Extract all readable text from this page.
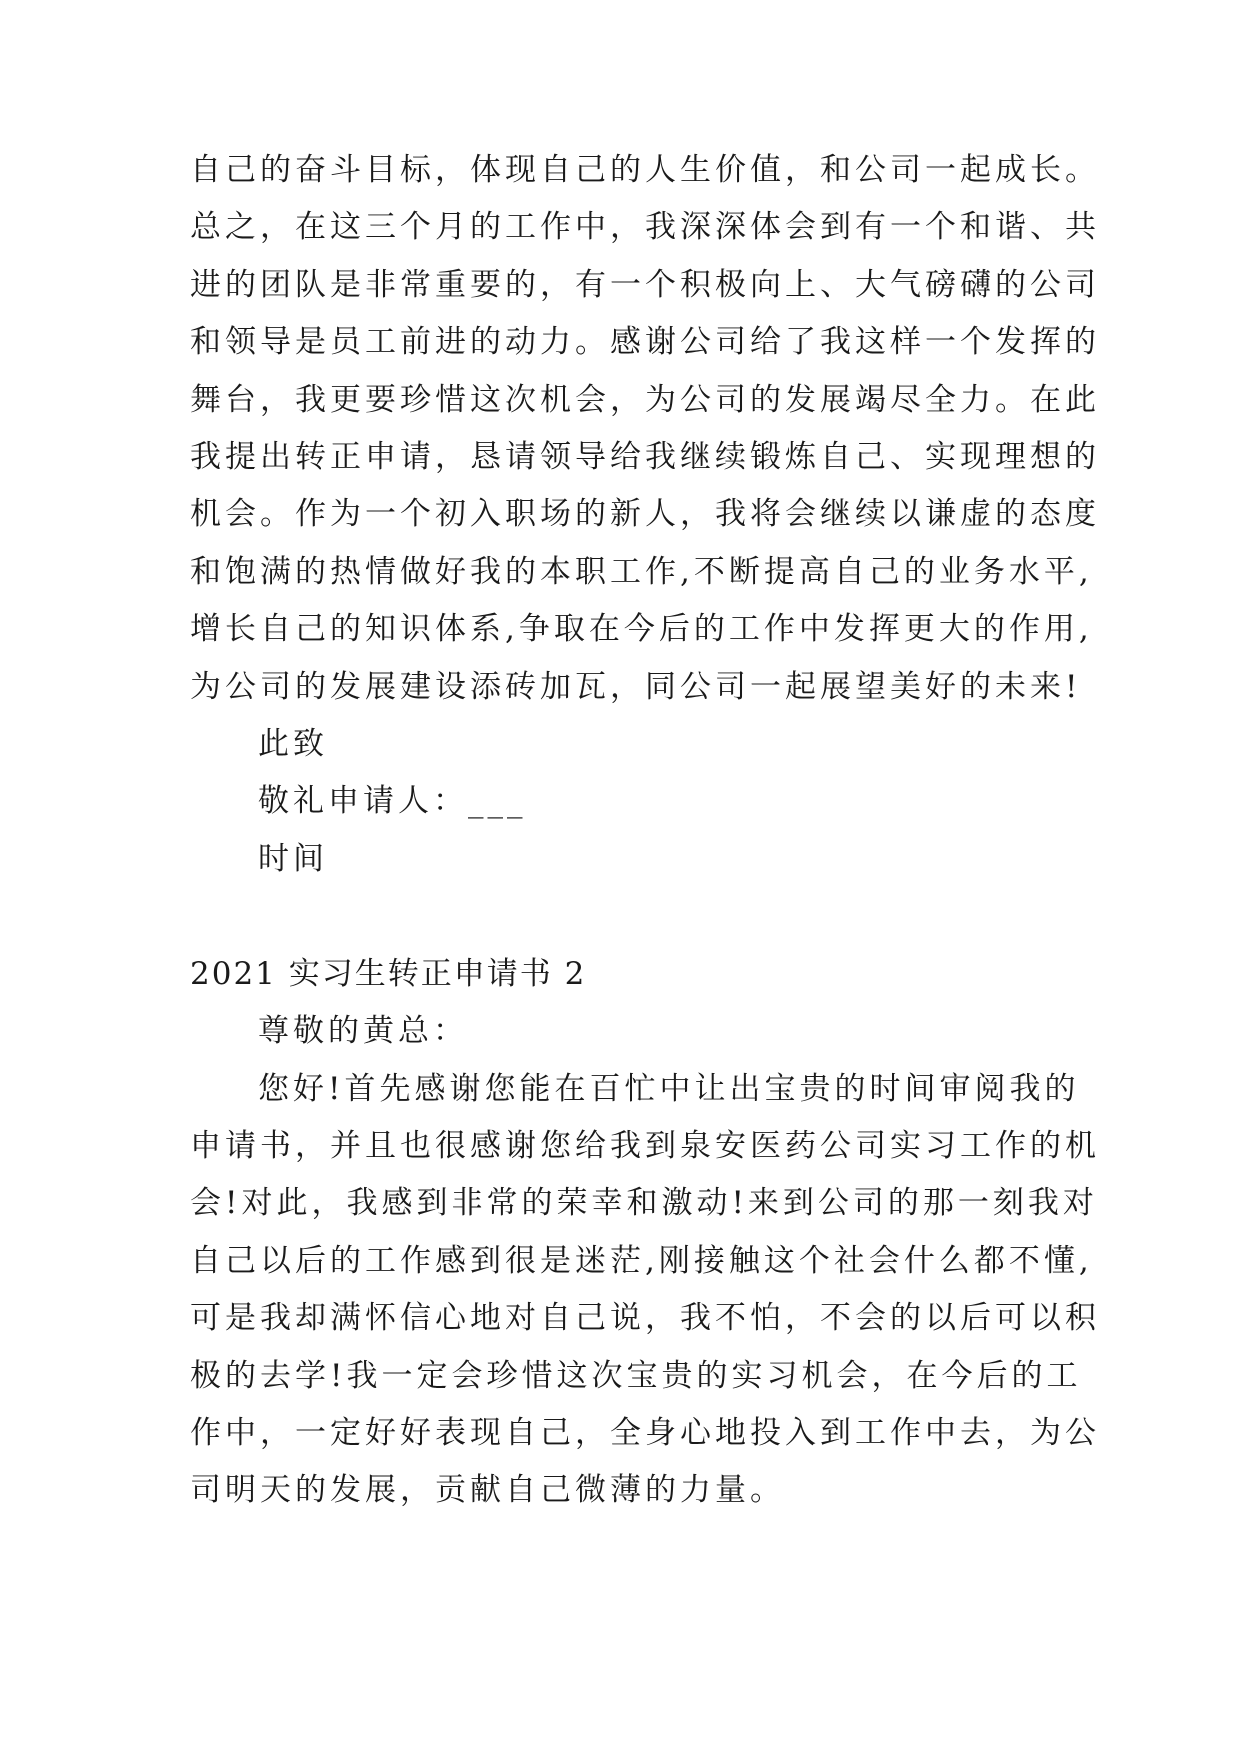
自己的奋斗目标，体现自己的人生价值，和公司一起成长。
总之，在这三个月的工作中，我深深体会到有一个和谐、共
进的团队是非常重要的，有一个积极向上、大气磅礴的公司
和领导是员工前进的动力。感谢公司给了我这样一个发挥的
舞台，我更要珍惜这次机会，为公司的发展竭尽全力。在此
我提出转正申请，恳请领导给我继续锻炼自己、实现理想的
机会。作为一个初入职场的新人，我将会继续以谦虚的态度
和饱满的热情做好我的本职工作,不断提高自己的业务水平,
增长自己的知识体系,争取在今后的工作中发挥更大的作用,
为公司的发展建设添砖加瓦，同公司一起展望美好的未来!
此致
敬礼申请人：___
时间
2021 实习生转正申请书 2
尊敬的黄总：
您好!首先感谢您能在百忙中让出宝贵的时间审阅我的
申请书，并且也很感谢您给我到泉安医药公司实习工作的机
会!对此，我感到非常的荣幸和激动!来到公司的那一刻我对
自己以后的工作感到很是迷茫,刚接触这个社会什么都不懂,
可是我却满怀信心地对自己说，我不怕，不会的以后可以积
极的去学!我一定会珍惜这次宝贵的实习机会，在今后的工
作中，一定好好表现自己，全身心地投入到工作中去，为公
司明天的发展，贡献自己微薄的力量。
